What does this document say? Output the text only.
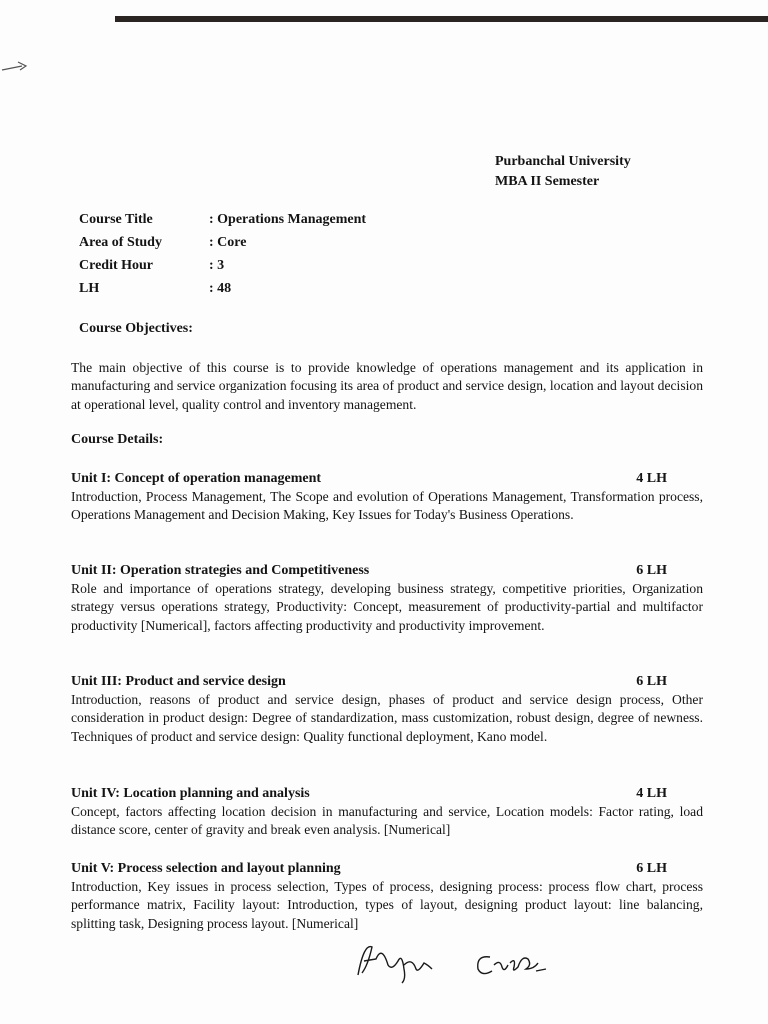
Purbanchal University
MBA II Semester
Course Title	: Operations Management
Area of Study	: Core
Credit Hour	: 3
LH	: 48
Course Objectives:
The main objective of this course is to provide knowledge of operations management and its application in manufacturing and service organization focusing its area of product and service design, location and layout decision at operational level, quality control and inventory management.
Course Details:
Unit I: Concept of operation management	4 LH
Introduction, Process Management, The Scope and evolution of Operations Management, Transformation process, Operations Management and Decision Making, Key Issues for Today's Business Operations.
Unit II: Operation strategies and Competitiveness	6 LH
Role and importance of operations strategy, developing business strategy, competitive priorities, Organization strategy versus operations strategy, Productivity: Concept, measurement of productivity-partial and multifactor productivity [Numerical], factors affecting productivity and productivity improvement.
Unit III: Product and service design	6 LH
Introduction, reasons of product and service design, phases of product and service design process, Other consideration in product design: Degree of standardization, mass customization, robust design, degree of newness. Techniques of product and service design: Quality functional deployment, Kano model.
Unit IV: Location planning and analysis	4 LH
Concept, factors affecting location decision in manufacturing and service, Location models: Factor rating, load distance score, center of gravity and break even analysis. [Numerical]
Unit V: Process selection and layout planning	6 LH
Introduction, Key issues in process selection, Types of process, designing process: process flow chart, process performance matrix, Facility layout: Introduction, types of layout, designing product layout: line balancing, splitting task, Designing process layout. [Numerical]
